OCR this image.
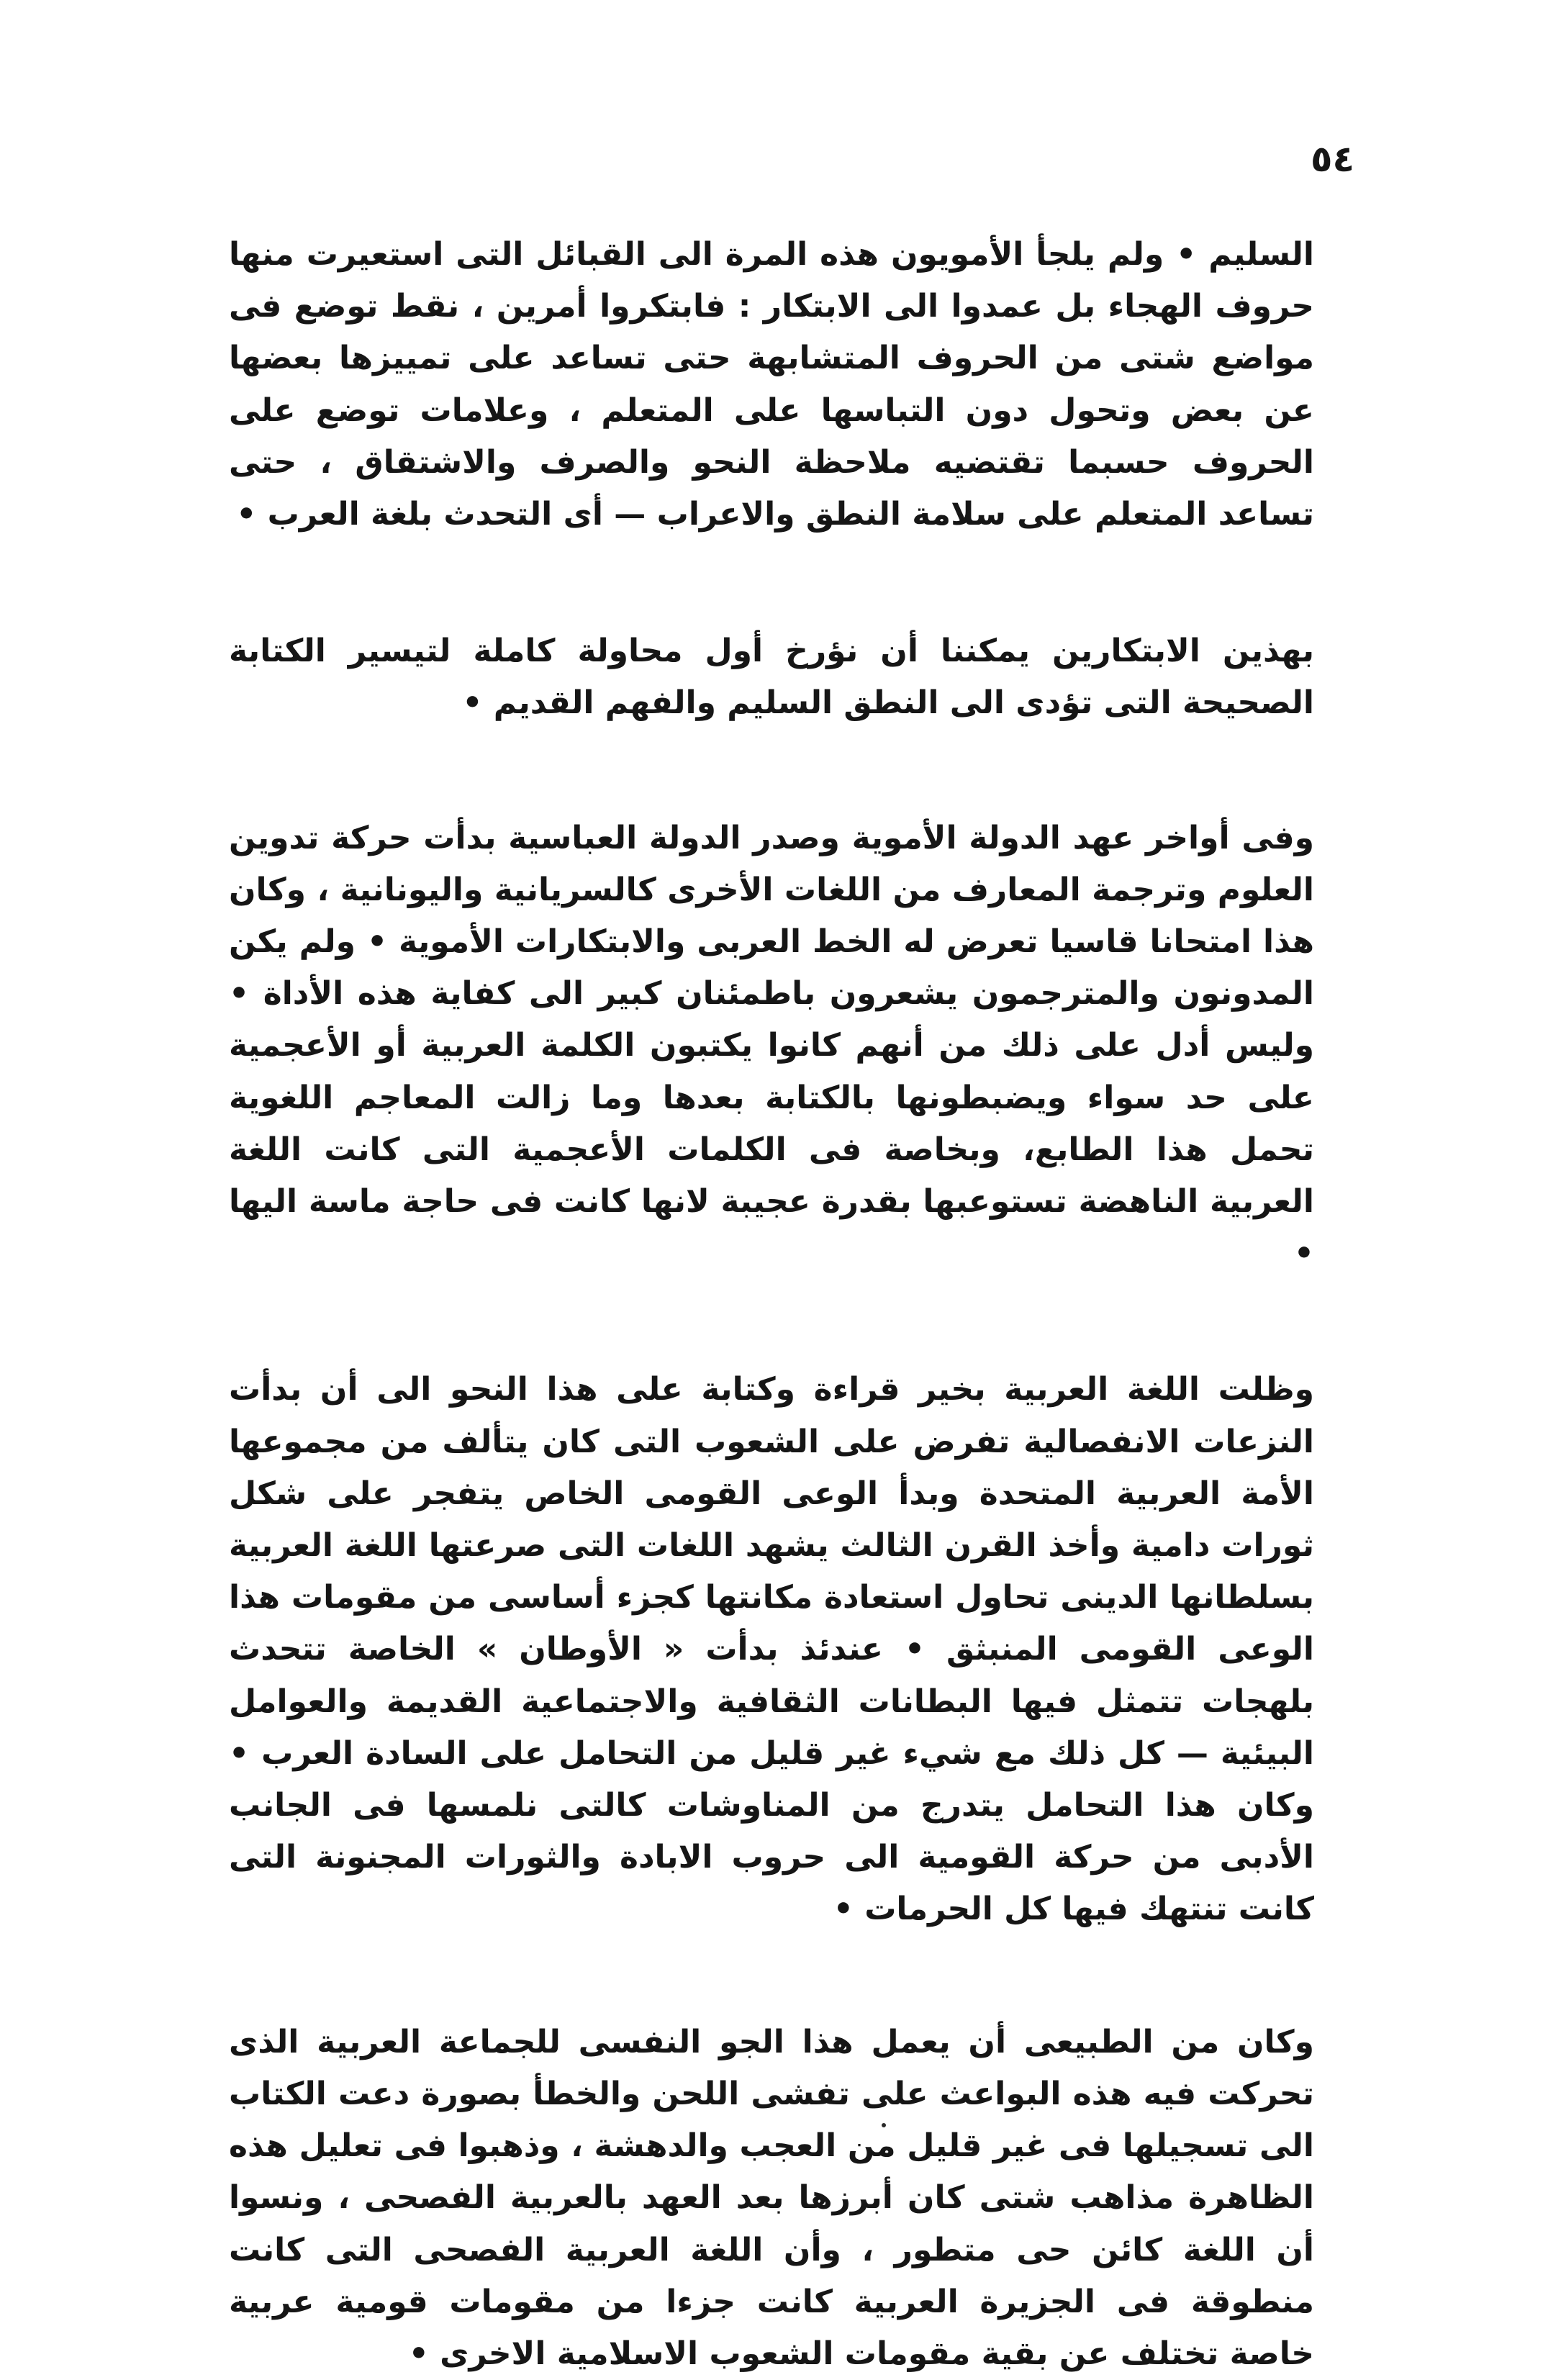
٥٤

السليم • ولم يلجأ الأمويون هذه المرة الى القبائل التى استعيرت منها حروف الهجاء بل عمدوا الى الابتكار : فابتكروا أمرين ، نقط توضع فى مواضع شتى من الحروف المتشابهة حتى تساعد على تمييزها بعضها عن بعض وتحول دون التباسها على المتعلم ، وعلامات توضع على الحروف حسبما تقتضيه ملاحظة النحو والصرف والاشتقاق ، حتى تساعد المتعلم على سلامة النطق والاعراب — أى التحدث بلغة العرب •

بهذين الابتكارين يمكننا أن نؤرخ أول محاولة كاملة لتيسير الكتابة الصحيحة التى تؤدى الى النطق السليم والفهم القديم •

وفى أواخر عهد الدولة الأموية وصدر الدولة العباسية بدأت حركة تدوين العلوم وترجمة المعارف من اللغات الأخرى كالسريانية واليونانية ، وكان هذا امتحانا قاسيا تعرض له الخط العربى والابتكارات الأموية • ولم يكن المدونون والمترجمون يشعرون باطمئنان كبير الى كفاية هذه الأداة • وليس أدل على ذلك من أنهم كانوا يكتبون الكلمة العربية أو الأعجمية على حد سواء ويضبطونها بالكتابة بعدها وما زالت المعاجم اللغوية تحمل هذا الطابع، وبخاصة فى الكلمات الأعجمية التى كانت اللغة العربية الناهضة تستوعبها بقدرة عجيبة لانها كانت فى حاجة ماسة اليها •

وظلت اللغة العربية بخير قراءة وكتابة على هذا النحو الى أن بدأت النزعات الانفصالية تفرض على الشعوب التى كان يتألف من مجموعها الأمة العربية المتحدة وبدأ الوعى القومى الخاص يتفجر على شكل ثورات دامية وأخذ القرن الثالث يشهد اللغات التى صرعتها اللغة العربية بسلطانها الدينى تحاول استعادة مكانتها كجزء أساسى من مقومات هذا الوعى القومى المنبثق • عندئذ بدأت « الأوطان » الخاصة تتحدث بلهجات تتمثل فيها البطانات الثقافية والاجتماعية القديمة والعوامل البيئية — كل ذلك مع شيء غير قليل من التحامل على السادة العرب • وكان هذا التحامل يتدرج من المناوشات كالتى نلمسها فى الجانب الأدبى من حركة القومية الى حروب الابادة والثورات المجنونة التى كانت تنتهك فيها كل الحرمات •

وكان من الطبيعى أن يعمل هذا الجو النفسى للجماعة العربية الذى تحركت فيه هذه البواعث على تفشى اللحن والخطأ بصورة دعت الكتاب الى تسجيلها فى غير قليل من العجب والدهشة ، وذهبوا فى تعليل هذه الظاهرة مذاهب شتى كان أبرزها بعد العهد بالعربية الفصحى ، ونسوا أن اللغة كائن حى متطور ، وأن اللغة العربية الفصحى التى كانت منطوقة فى الجزيرة العربية كانت جزءا من مقومات قومية عربية خاصة تختلف عن بقية مقومات الشعوب الاسلامية الاخرى •
